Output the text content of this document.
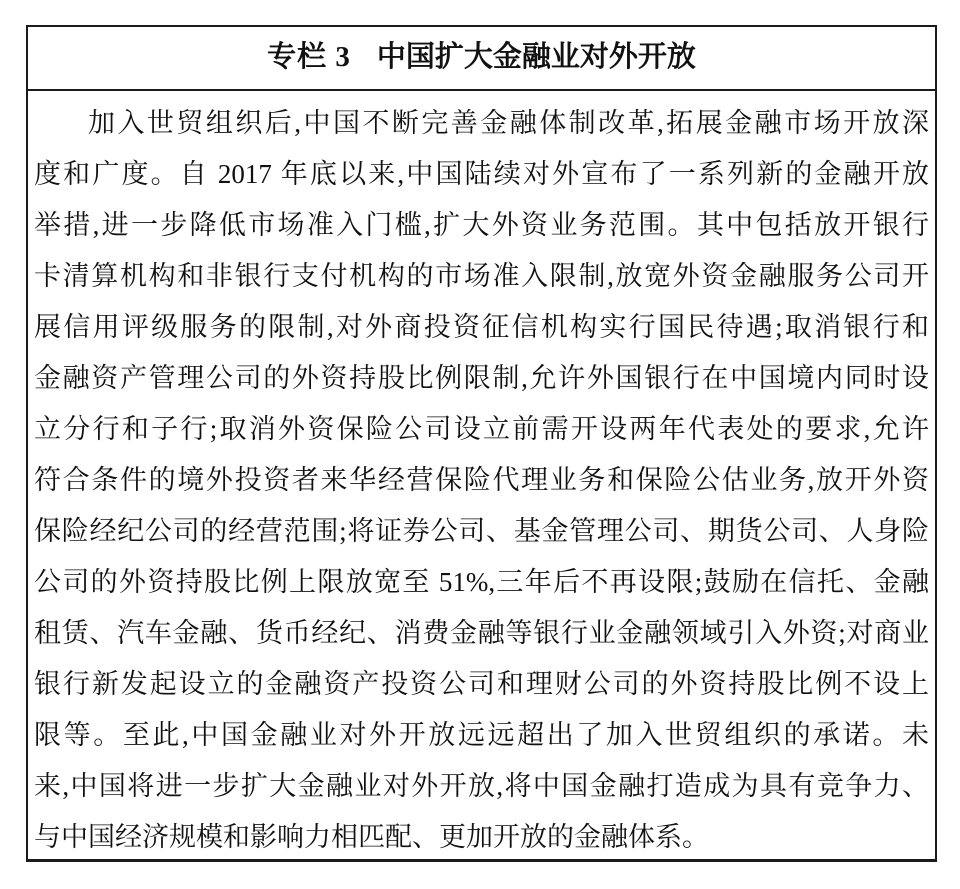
专栏 3 中国扩大金融业对外开放
加入世贸组织后,中国不断完善金融体制改革,拓展金融市场开放深
度和广度。自 2017 年底以来,中国陆续对外宣布了一系列新的金融开放
举措,进一步降低市场准入门槛,扩大外资业务范围。其中包括放开银行
卡清算机构和非银行支付机构的市场准入限制,放宽外资金融服务公司开
展信用评级服务的限制,对外商投资征信机构实行国民待遇;取消银行和
金融资产管理公司的外资持股比例限制,允许外国银行在中国境内同时设
立分行和子行;取消外资保险公司设立前需开设两年代表处的要求,允许
符合条件的境外投资者来华经营保险代理业务和保险公估业务,放开外资
保险经纪公司的经营范围;将证券公司、基金管理公司、期货公司、人身险
公司的外资持股比例上限放宽至 51%,三年后不再设限;鼓励在信托、金融
租赁、汽车金融、货币经纪、消费金融等银行业金融领域引入外资;对商业
银行新发起设立的金融资产投资公司和理财公司的外资持股比例不设上
限等。至此,中国金融业对外开放远远超出了加入世贸组织的承诺。未
来,中国将进一步扩大金融业对外开放,将中国金融打造成为具有竞争力、
与中国经济规模和影响力相匹配、更加开放的金融体系。
